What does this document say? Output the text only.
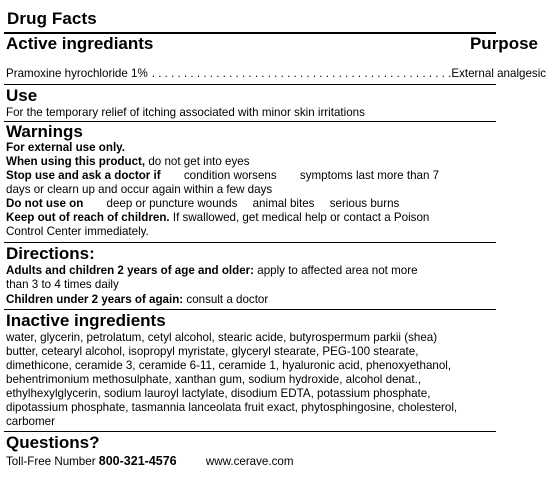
Drug Facts
Active ingrediants	Purpose
Pramoxine hyrochloride 1% . . . . . . . . . . . . . . . . . . . . . . . . . . . . . . . . . . . . . . . . . . . . . . . External analgesic
Use
For the temporary relief of itching associated with minor skin irritations
Warnings
For external use only.
When using this product, do not get into eyes
Stop use and ask a doctor if condition worsens symptoms last more than 7
days or clearn up and occur again within a few days
Do not use on deep or puncture wounds animal bites serious burns
Keep out of reach of children. If swallowed, get medical help or contact a Poison
Control Center immediately.
Directions:
Adults and children 2 years of age and older: apply to affected area not more
than 3 to 4 times daily
Children under 2 years of again: consult a doctor
Inactive ingredients
water, glycerin, petrolatum, cetyl alcohol, stearic acide, butyrospermum parkii (shea)
butter, cetearyl alcohol, isopropyl myristate, glyceryl stearate, PEG-100 stearate,
dimethicone, ceramide 3, ceramide 6-11, ceramide 1, hyaluronic acid, phenoxyethanol,
behentrimonium methosulphate, xanthan gum, sodium hydroxide, alcohol denat.,
ethylhexylglycerin, sodium lauroyl lactylate, disodium EDTA, potassium phosphate,
dipotassium phosphate, tasmannia lanceolata fruit exact, phytosphingosine, cholesterol,
carbomer
Questions?
Toll-Free Number 800-321-4576	www.cerave.com
